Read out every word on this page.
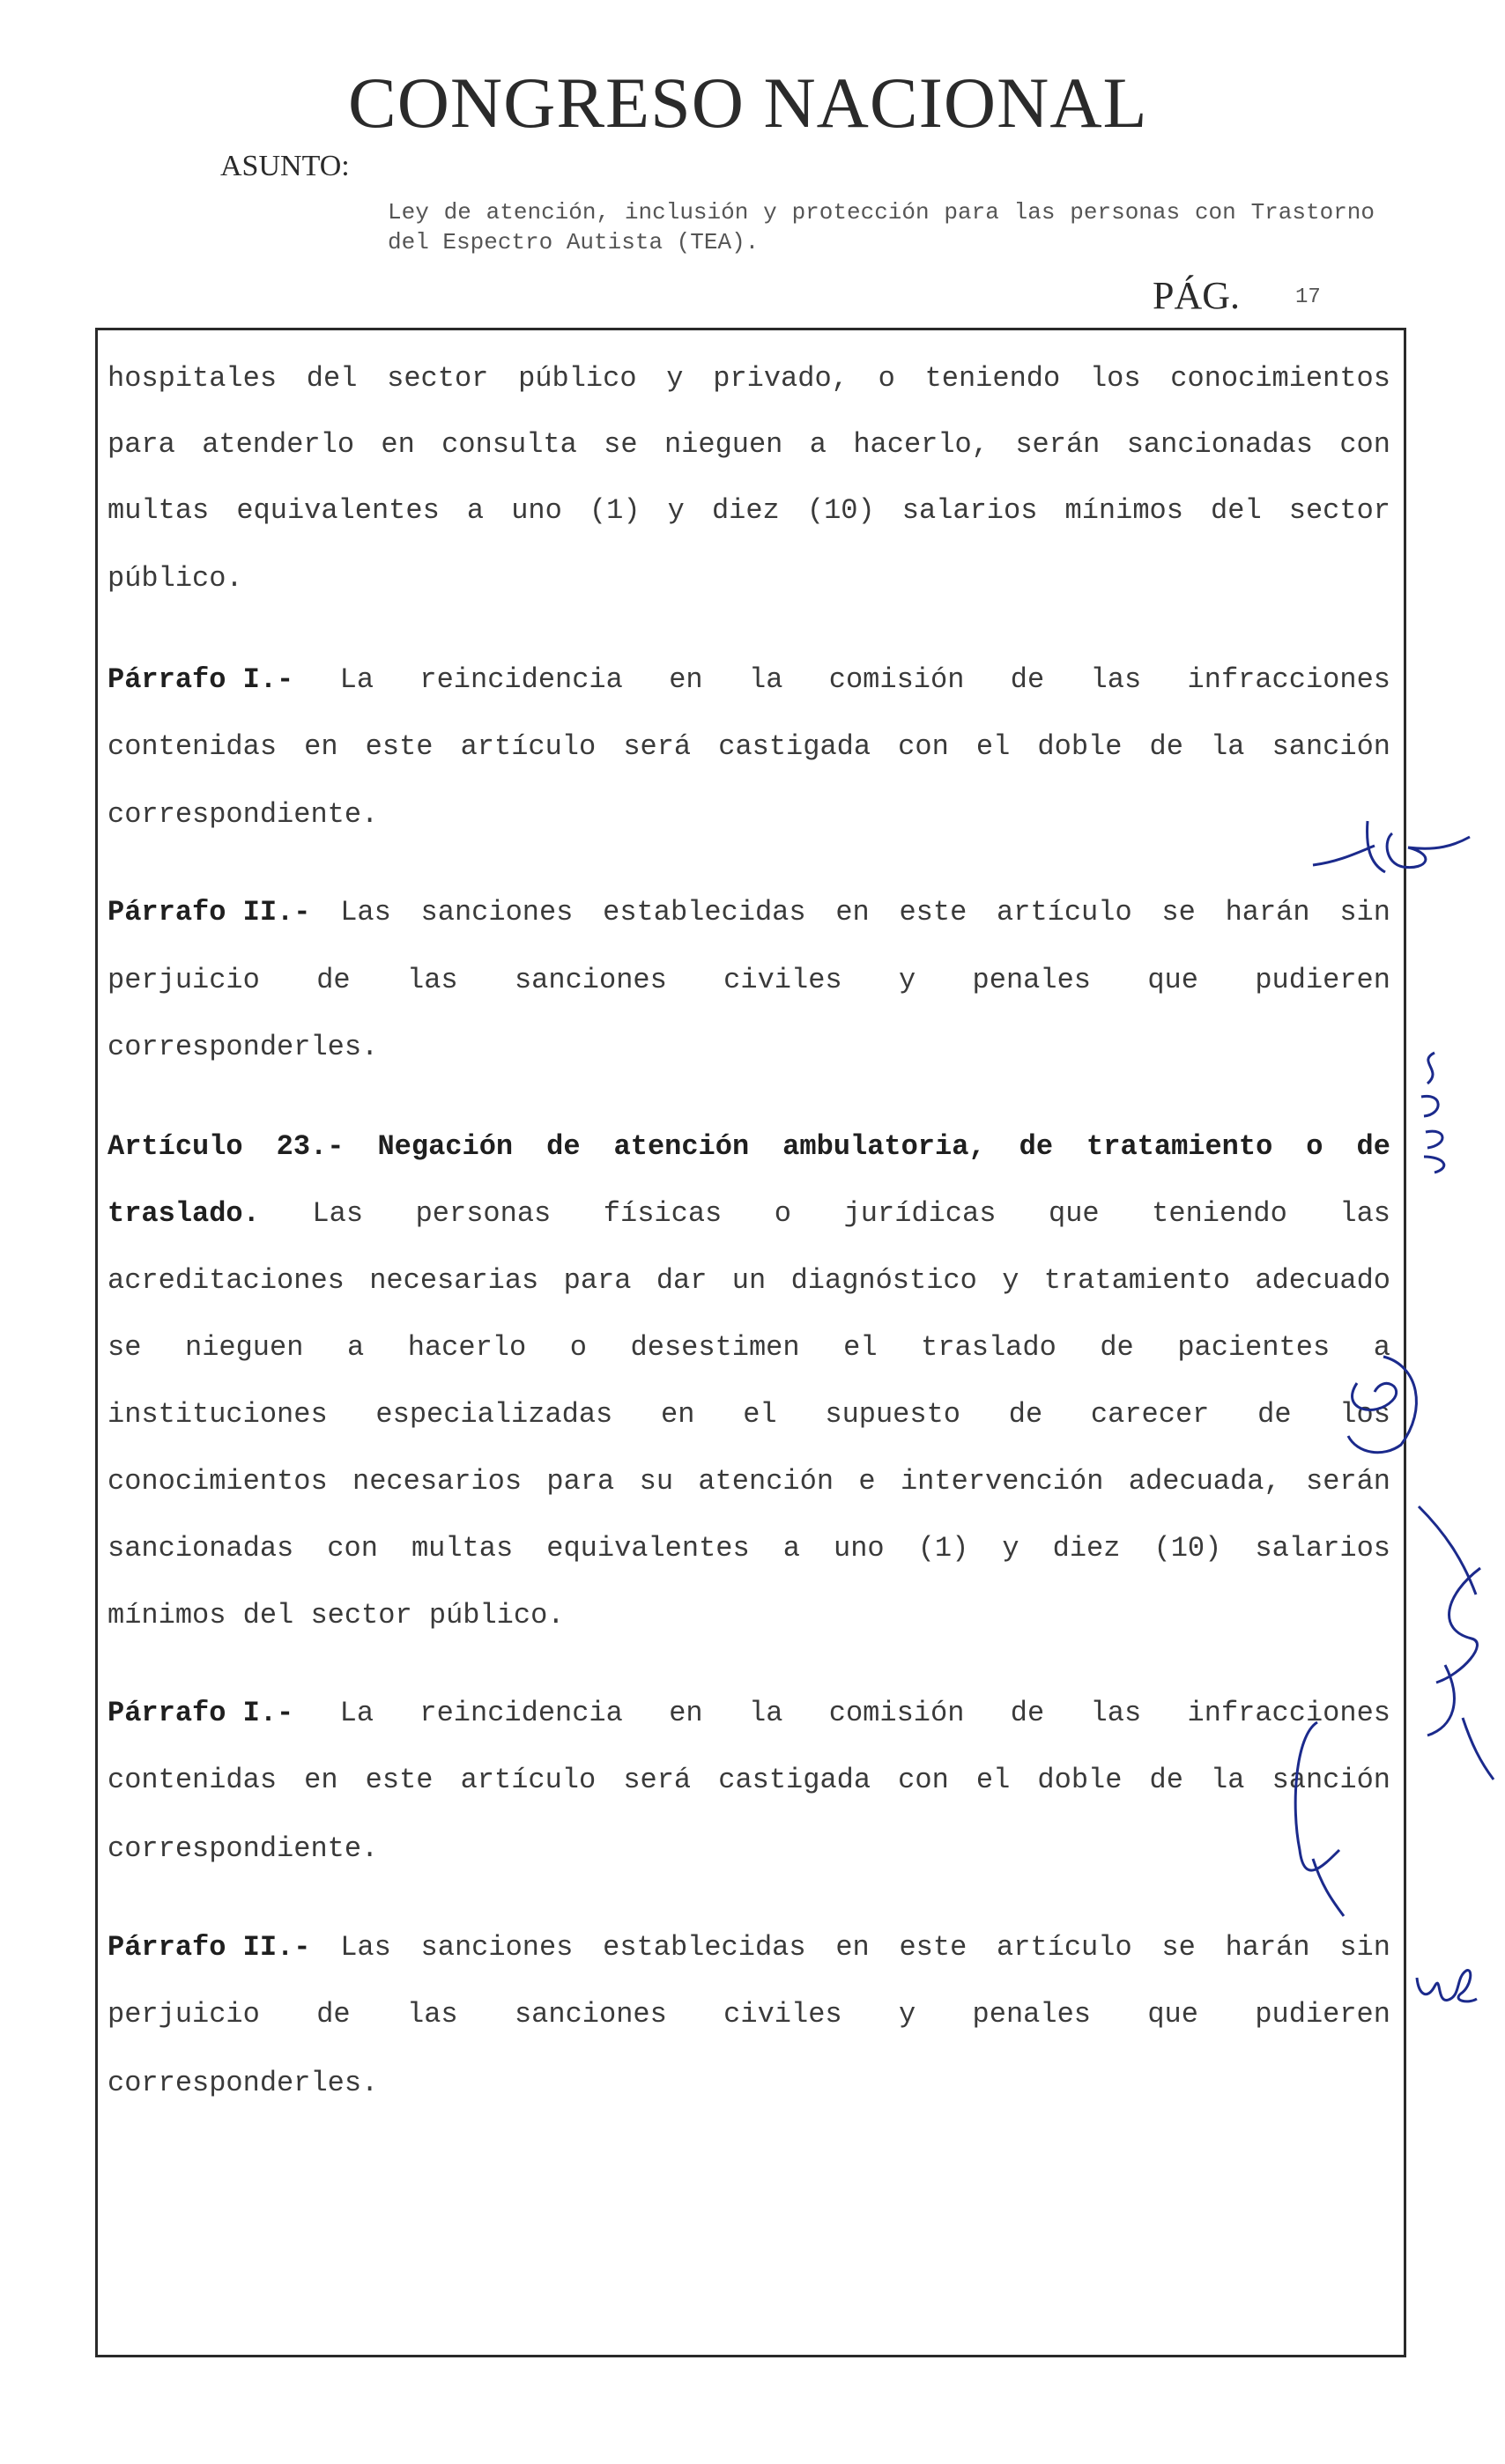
CONGRESO NACIONAL
ASUNTO:
Ley de atención, inclusión y protección para las personas con Trastorno del Espectro Autista (TEA).
PÁG.	17
hospitales del sector público y privado, o teniendo los conocimientos
para atenderlo en consulta se nieguen a hacerlo, serán sancionadas con
multas equivalentes a uno (1) y diez (10) salarios mínimos del sector
público.
Párrafo I.- La reincidencia en la comisión de las infracciones
contenidas en este artículo será castigada con el doble de la sanción
correspondiente.
Párrafo II.- Las sanciones establecidas en este artículo se harán sin
perjuicio de las sanciones civiles y penales que pudieren
corresponderles.
Artículo 23.- Negación de atención ambulatoria, de tratamiento o de
traslado. Las personas físicas o jurídicas que teniendo las
acreditaciones necesarias para dar un diagnóstico y tratamiento adecuado
se nieguen a hacerlo o desestimen el traslado de pacientes a
instituciones especializadas en el supuesto de carecer de los
conocimientos necesarios para su atención e intervención adecuada, serán
sancionadas con multas equivalentes a uno (1) y diez (10) salarios
mínimos del sector público.
Párrafo I.- La reincidencia en la comisión de las infracciones
contenidas en este artículo será castigada con el doble de la sanción
correspondiente.
Párrafo II.- Las sanciones establecidas en este artículo se harán sin
perjuicio de las sanciones civiles y penales que pudieren
corresponderles.
